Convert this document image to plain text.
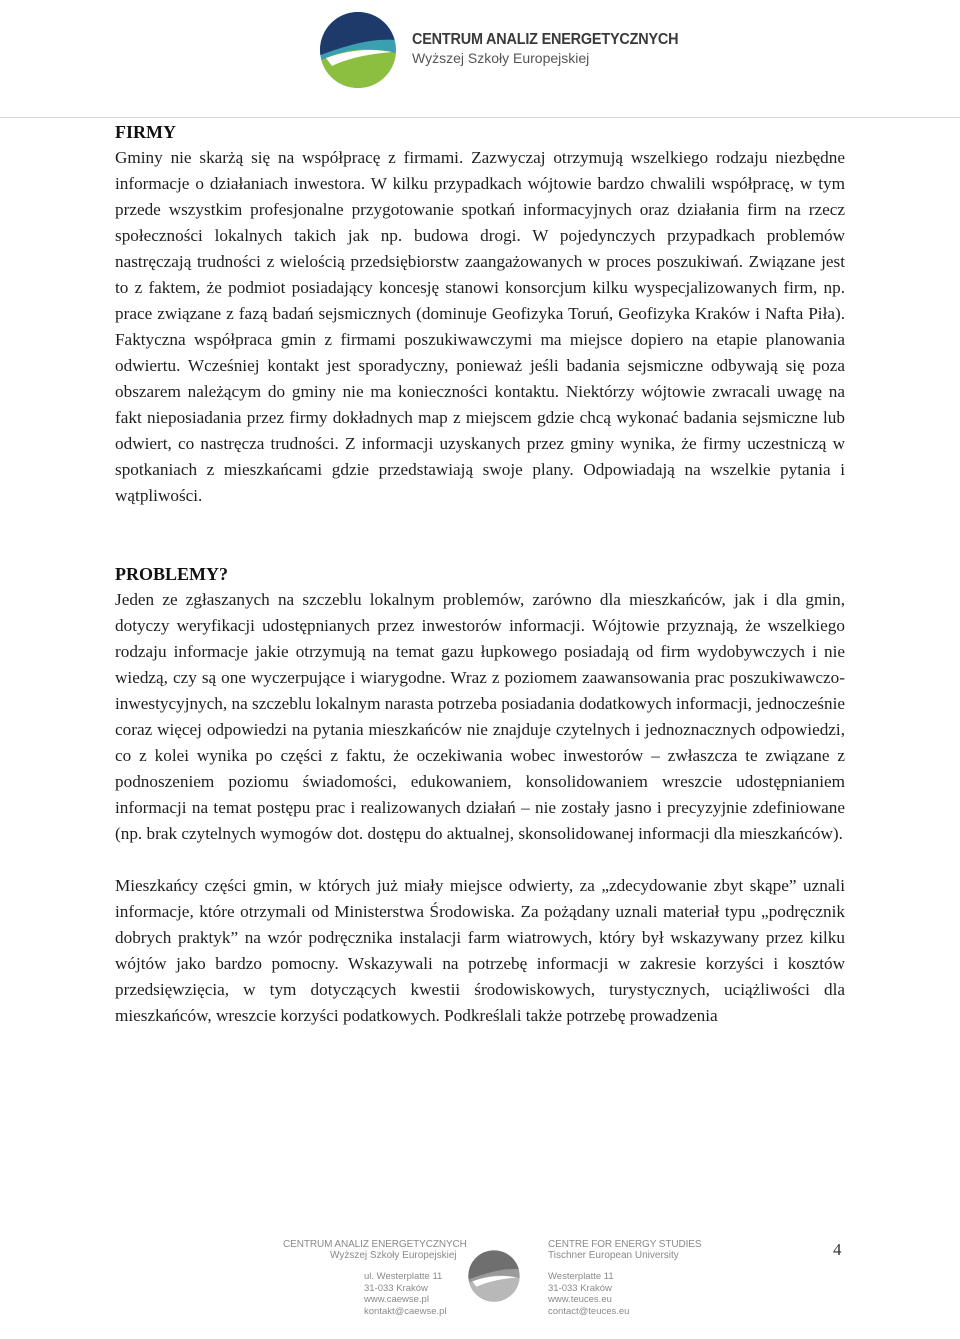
CENTRUM ANALIZ ENERGETYCZNYCH
Wyższej Szkoły Europejskiej
FIRMY

Gminy nie skarżą się na współpracę z firmami. Zazwyczaj otrzymują wszelkiego rodzaju niezbędne informacje o działaniach inwestora. W kilku przypadkach wójtowie bardzo chwalili współpracę, w tym przede wszystkim profesjonalne przygotowanie spotkań informacyjnych oraz działania firm na rzecz społeczności lokalnych takich jak np. budowa drogi. W pojedynczych przypadkach problemów nastręczają trudności z wielością przedsiębiorstw zaangażowanych w proces poszukiwań. Związane jest to z faktem, że podmiot posiadający koncesję stanowi konsorcjum kilku wyspecjalizowanych firm, np. prace związane z fazą badań sejsmicznych (dominuje Geofizyka Toruń, Geofizyka Kraków i Nafta Piła). Faktyczna współpraca gmin z firmami poszukiwawczymi ma miejsce dopiero na etapie planowania odwiertu. Wcześniej kontakt jest sporadyczny, ponieważ jeśli badania sejsmiczne odbywają się poza obszarem należącym do gminy nie ma konieczności kontaktu. Niektórzy wójtowie zwracali uwagę na fakt nieposiadania przez firmy dokładnych map z miejscem gdzie chcą wykonać badania sejsmiczne lub odwiert, co nastręcza trudności. Z informacji uzyskanych przez gminy wynika, że firmy uczestniczą w spotkaniach z mieszkańcami gdzie przedstawiają swoje plany. Odpowiadają na wszelkie pytania i wątpliwości.

PROBLEMY?

Jeden ze zgłaszanych na szczeblu lokalnym problemów, zarówno dla mieszkańców, jak i dla gmin, dotyczy weryfikacji udostępnianych przez inwestorów informacji. Wójtowie przyznają, że wszelkiego rodzaju informacje jakie otrzymują na temat gazu łupkowego posiadają od firm wydobywczych i nie wiedzą, czy są one wyczerpujące i wiarygodne. Wraz z poziomem zaawansowania prac poszukiwawczo-inwestycyjnych, na szczeblu lokalnym narasta potrzeba posiadania dodatkowych informacji, jednocześnie coraz więcej odpowiedzi na pytania mieszkańców nie znajduje czytelnych i jednoznacznych odpowiedzi, co z kolei wynika po części z faktu, że oczekiwania wobec inwestorów – zwłaszcza te związane z podnoszeniem poziomu świadomości, edukowaniem, konsolidowaniem wreszcie udostępnianiem informacji na temat postępu prac i realizowanych działań – nie zostały jasno i precyzyjnie zdefiniowane (np. brak czytelnych wymogów dot. dostępu do aktualnej, skonsolidowanej informacji dla mieszkańców).

Mieszkańcy części gmin, w których już miały miejsce odwierty, za „zdecydowanie zbyt skąpe” uznali informacje, które otrzymali od Ministerstwa Środowiska. Za pożądany uznali materiał typu „podręcznik dobrych praktyk” na wzór podręcznika instalacji farm wiatrowych, który był wskazywany przez kilku wójtów jako bardzo pomocny. Wskazywali na potrzebę informacji w zakresie korzyści i kosztów przedsięwzięcia, w tym dotyczących kwestii środowiskowych, turystycznych, uciążliwości dla mieszkańców, wreszcie korzyści podatkowych. Podkreślali także potrzebę prowadzenia

CENTRUM ANALIZ ENERGETYCZNYCH
Wyższej Szkoły Europejskiej
ul. Westerplatte 11
31-033 Kraków
www.caewse.pl
kontakt@caewse.pl
CENTRE FOR ENERGY STUDIES
Tischner European University
Westerplatte 11
31-033 Kraków
www.teuces.eu
contact@teuces.eu
4
